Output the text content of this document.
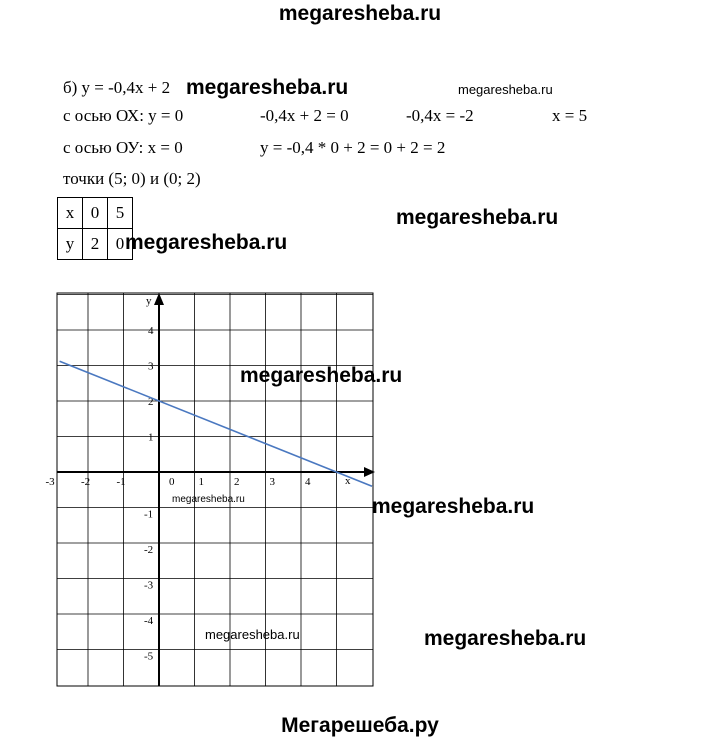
megaresheba.ru
б) y = -0,4x + 2 megaresheba.ru	megaresheba.ru
с осью ОХ: y = 0	-0,4x + 2 = 0	-0,4x = -2	x = 5
с осью ОУ: x = 0	y = -0,4 * 0 + 2 = 0 + 2 = 2
точки (5; 0) и (0; 2)
x	0	5
y	2	0
megaresheba.ru
-3 -2 -1	0 1	2	3	4
4
3
2
1
-1
-2
-3
-4
-5
x
y
megaresheba.ru
megaresheba.ru	megaresheba.ru
megaresheba.ru	megaresheba.ru
megaresheba.ru
Мегарешеба.ру
